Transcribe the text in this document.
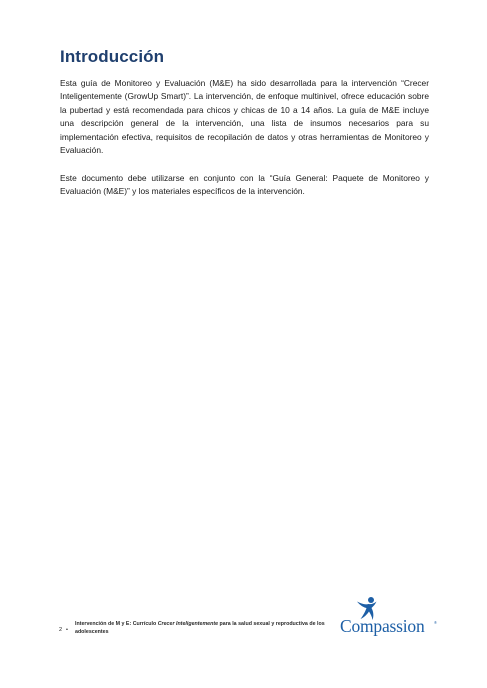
Introducción

Esta guía de Monitoreo y Evaluación (M&E) ha sido desarrollada para la intervención “Crecer Inteligentemente (GrowUp Smart)”. La intervención, de enfoque multinivel, ofrece educación sobre la pubertad y está recomendada para chicos y chicas de 10 a 14 años. La guía de M&E incluye una descripción general de la intervención, una lista de insumos necesarios para su implementación efectiva, requisitos de recopilación de datos y otras herramientas de Monitoreo y Evaluación.

Este documento debe utilizarse en conjunto con la “Guía General: Paquete de Monitoreo y Evaluación (M&E)” y los materiales específicos de la intervención.

2 •
Intervención de M y E: Currículo Crecer Inteligentemente para la salud sexual y reproductiva de los adolescentes	Compassion ®
